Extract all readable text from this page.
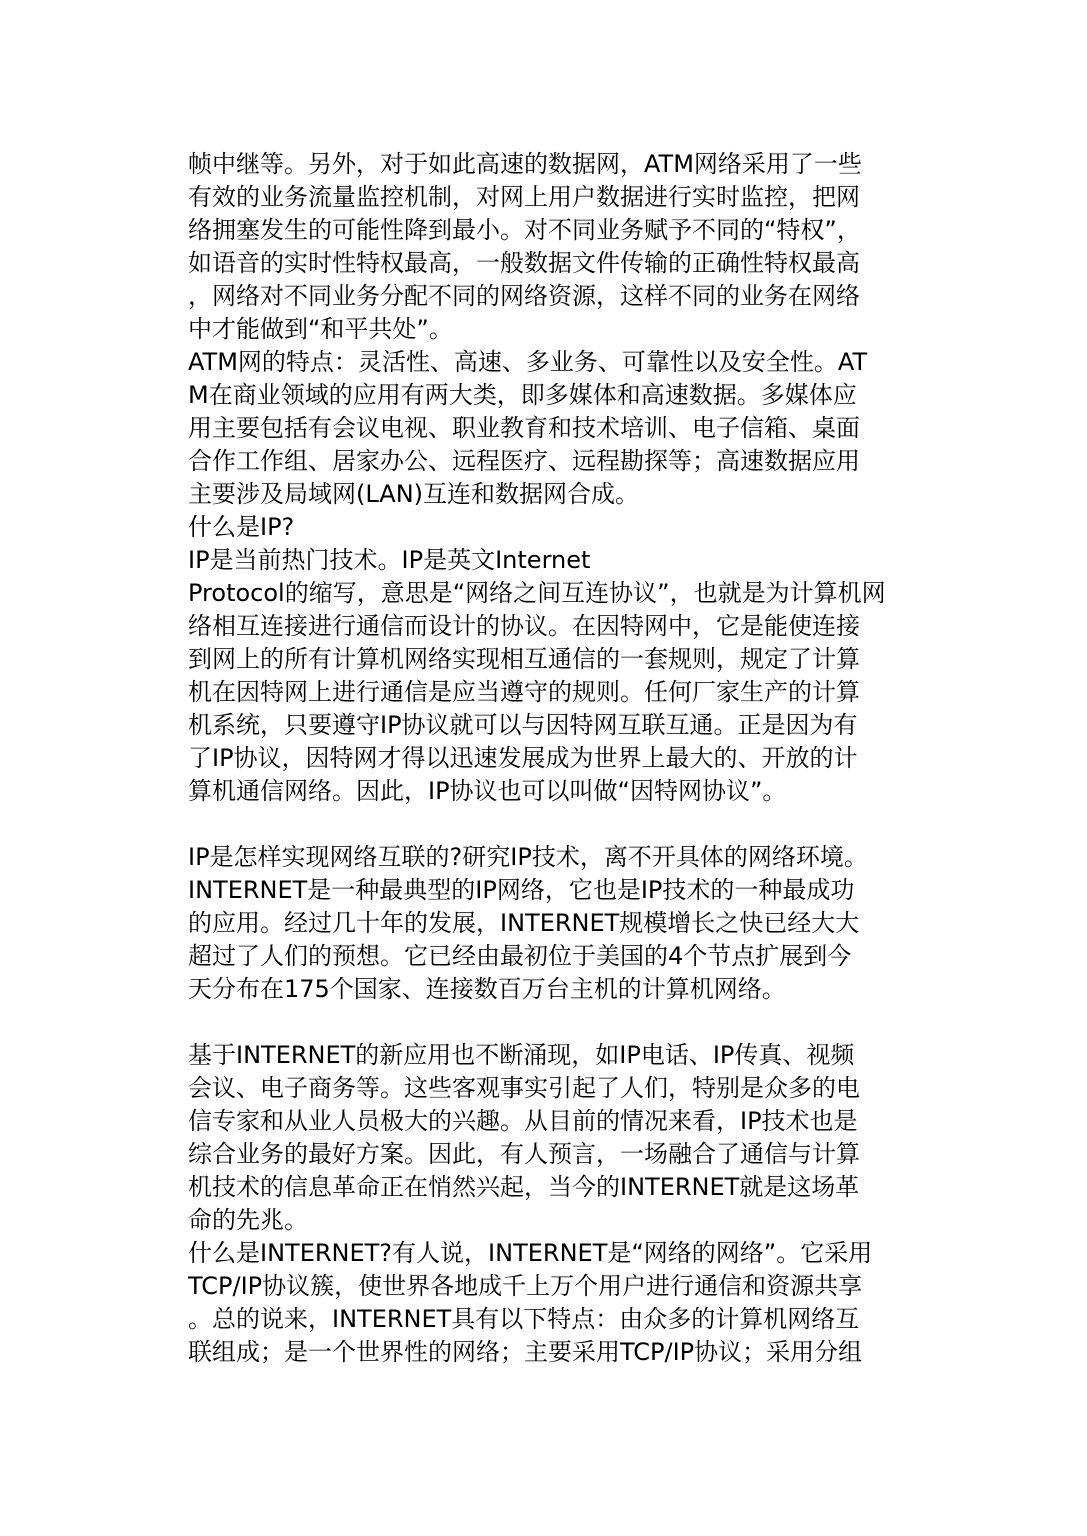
帧中继等。另外，对于如此高速的数据网，ATM网络采用了一些
有效的业务流量监控机制，对网上用户数据进行实时监控，把网
络拥塞发生的可能性降到最小。对不同业务赋予不同的“特权”，
如语音的实时性特权最高，一般数据文件传输的正确性特权最高
，网络对不同业务分配不同的网络资源，这样不同的业务在网络
中才能做到“和平共处”。
ATM网的特点：灵活性、高速、多业务、可靠性以及安全性。AT
M在商业领域的应用有两大类，即多媒体和高速数据。多媒体应
用主要包括有会议电视、职业教育和技术培训、电子信箱、桌面
合作工作组、居家办公、远程医疗、远程勘探等；高速数据应用
主要涉及局域网(LAN)互连和数据网合成。
什么是IP?
IP是当前热门技术。IP是英文Internet
Protocol的缩写，意思是“网络之间互连协议”，也就是为计算机网
络相互连接进行通信而设计的协议。在因特网中，它是能使连接
到网上的所有计算机网络实现相互通信的一套规则，规定了计算
机在因特网上进行通信是应当遵守的规则。任何厂家生产的计算
机系统，只要遵守IP协议就可以与因特网互联互通。正是因为有
了IP协议，因特网才得以迅速发展成为世界上最大的、开放的计
算机通信网络。因此，IP协议也可以叫做“因特网协议”。
IP是怎样实现网络互联的?研究IP技术，离不开具体的网络环境。
INTERNET是一种最典型的IP网络，它也是IP技术的一种最成功
的应用。经过几十年的发展，INTERNET规模增长之快已经大大
超过了人们的预想。它已经由最初位于美国的4个节点扩展到今
天分布在175个国家、连接数百万台主机的计算机网络。
基于INTERNET的新应用也不断涌现，如IP电话、IP传真、视频
会议、电子商务等。这些客观事实引起了人们，特别是众多的电
信专家和从业人员极大的兴趣。从目前的情况来看，IP技术也是
综合业务的最好方案。因此，有人预言，一场融合了通信与计算
机技术的信息革命正在悄然兴起，当今的INTERNET就是这场革
命的先兆。
什么是INTERNET?有人说，INTERNET是“网络的网络”。它采用
TCP/IP协议簇，使世界各地成千上万个用户进行通信和资源共享
。总的说来，INTERNET具有以下特点：由众多的计算机网络互
联组成；是一个世界性的网络；主要采用TCP/IP协议；采用分组
